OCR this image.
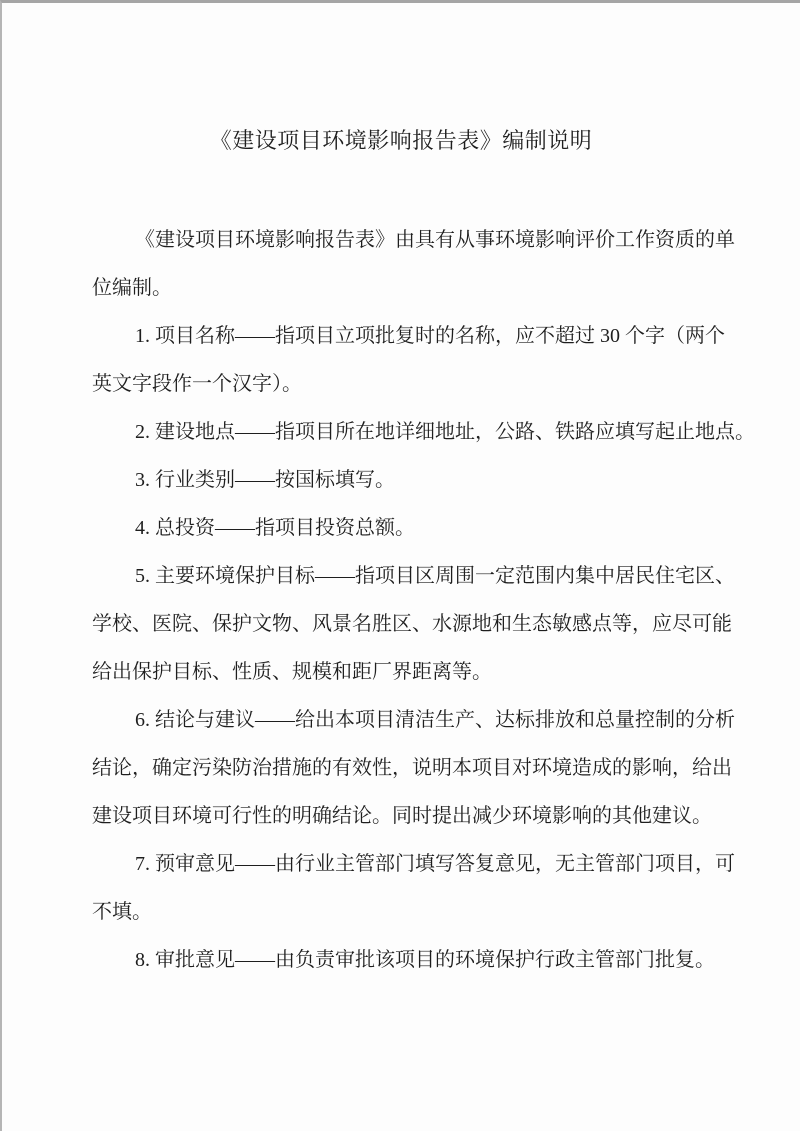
《建设项目环境影响报告表》编制说明
《建设项目环境影响报告表》由具有从事环境影响评价工作资质的单
位编制。
1. 项目名称——指项目立项批复时的名称，应不超过 30 个字（两个
英文字段作一个汉字）。
2. 建设地点——指项目所在地详细地址，公路、铁路应填写起止地点。
3. 行业类别——按国标填写。
4. 总投资——指项目投资总额。
5. 主要环境保护目标——指项目区周围一定范围内集中居民住宅区、
学校、医院、保护文物、风景名胜区、水源地和生态敏感点等，应尽可能
给出保护目标、性质、规模和距厂界距离等。
6. 结论与建议——给出本项目清洁生产、达标排放和总量控制的分析
结论，确定污染防治措施的有效性，说明本项目对环境造成的影响，给出
建设项目环境可行性的明确结论。同时提出减少环境影响的其他建议。
7. 预审意见——由行业主管部门填写答复意见，无主管部门项目，可
不填。
8. 审批意见——由负责审批该项目的环境保护行政主管部门批复。
